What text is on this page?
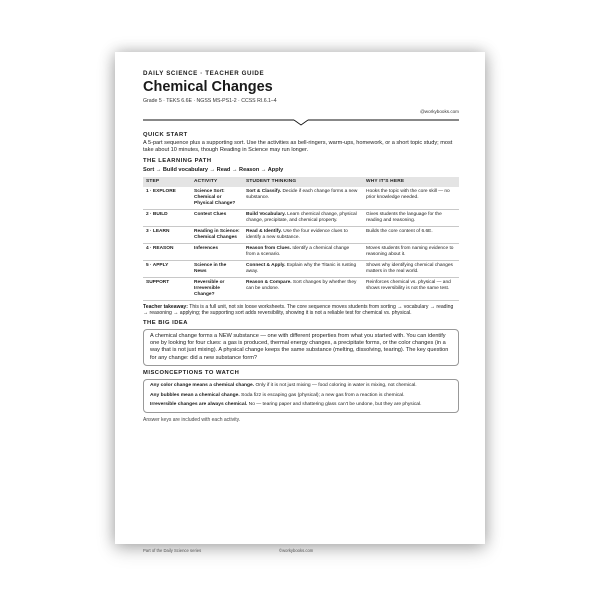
DAILY SCIENCE · TEACHER GUIDE
Chemical Changes
Grade 5 · TEKS 6.6E · NGSS MS-PS1-2 · CCSS RI.6.1–4
@workybooks.com
QUICK START
A 5-part sequence plus a supporting sort. Use the activities as bell-ringers, warm-ups, homework, or a short topic study; most take about 10 minutes, though Reading in Science may run longer.
THE LEARNING PATH
Sort → Build vocabulary → Read → Reason → Apply
STEP	ACTIVITY	STUDENT THINKING	WHY IT'S HERE
1 · EXPLORE	Science Sort: Chemical or Physical Change?	Sort & Classify. Decide if each change forms a new substance.	Hooks the topic with the core skill — no prior knowledge needed.
2 · BUILD	Context Clues	Build Vocabulary. Learn chemical change, physical change, precipitate, and chemical property.	Gives students the language for the reading and reasoning.
3 · LEARN	Reading in Science: Chemical Changes	Read & Identify. Use the four evidence clues to identify a new substance.	Builds the core content of 6.6E.
4 · REASON	Inferences	Reason from Clues. Identify a chemical change from a scenario.	Moves students from naming evidence to reasoning about it.
5 · APPLY	Science in the News	Connect & Apply. Explain why the Titanic is rusting away.	Shows why identifying chemical changes matters in the real world.
SUPPORT	Reversible or Irreversible Change?	Reason & Compare. Sort changes by whether they can be undone.	Reinforces chemical vs. physical — and shows reversibility is not the same test.
Teacher takeaway: This is a full unit, not six loose worksheets. The core sequence moves students from sorting → vocabulary → reading → reasoning → applying; the supporting sort adds reversibility, showing it is not a reliable test for chemical vs. physical.
THE BIG IDEA
A chemical change forms a NEW substance — one with different properties from what you started with. You can identify one by looking for four clues: a gas is produced, thermal energy changes, a precipitate forms, or the color changes (in a way that is not just mixing). A physical change keeps the same substance (melting, dissolving, tearing). The key question for any change: did a new substance form?
MISCONCEPTIONS TO WATCH
Any color change means a chemical change. Only if it is not just mixing — food coloring in water is mixing, not chemical.
Any bubbles mean a chemical change. Soda fizz is escaping gas (physical); a new gas from a reaction is chemical.
Irreversible changes are always chemical. No — tearing paper and shattering glass can't be undone, but they are physical.
Answer keys are included with each activity.
Part of the Daily Science series	©workybooks.com
